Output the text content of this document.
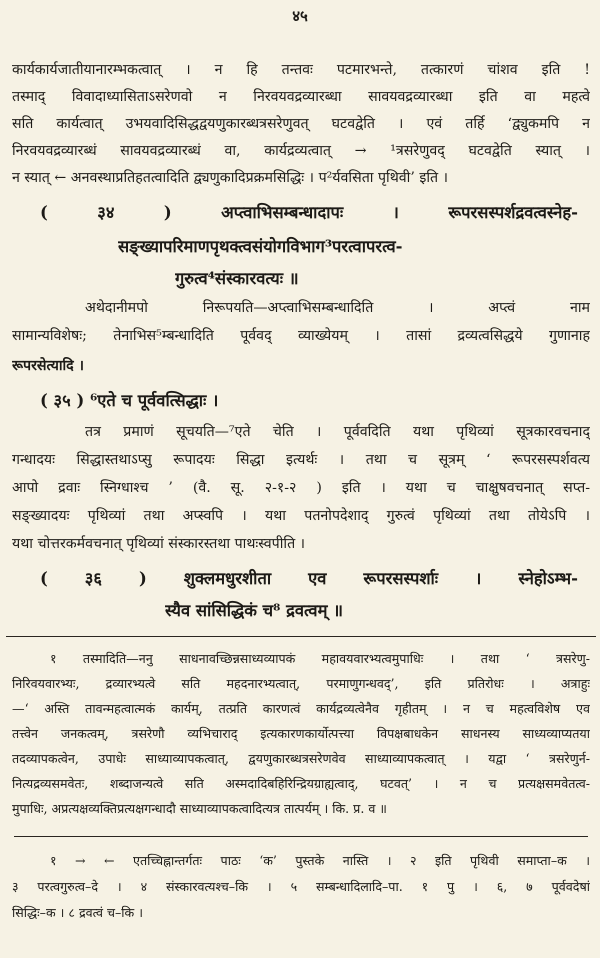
४५
कार्यकार्यजातीयानारम्भकत्वात् । न हि तन्तवः पटमारभन्ते, तत्कारणं चांशव इति !
तस्माद् विवादाध्यासिताऽसरेणवो न निरवयवद्रव्यारब्धा सावयवद्रव्यारब्धा इति वा महत्वे
सति कार्यत्वात् उभयवादिसिद्धद्वयणुकारब्धत्रसरेणुवत् घटवद्वेति । एवं तर्हि ‘द्व्युकमपि न
निरवयवद्रव्यारब्धं सावयवद्रव्यारब्धं वा, कार्यद्रव्यत्वात् → ¹त्रसरेणुवद् घटवद्वेति स्यात् ।
न स्यात् ← अनवस्थाप्रतिहतत्वादिति द्व्यणुकादिप्रक्रमसिद्धिः । प²र्यवसिता पृथिवी’ इति ।
( ३४ )	अप्त्वाभिसम्बन्धादापः । रूपरसस्पर्शद्रवत्वस्नेह-
सङ्ख्यापरिमाणपृथक्त्वसंयोगविभाग³परत्वापरत्व-
गुरुत्व⁴संस्कारवत्यः ॥
अथेदानीमपो निरूपयति—अप्त्वाभिसम्बन्धादिति । अप्त्वं नाम
सामान्यविशेषः; तेनाभिस⁵म्बन्धादिति पूर्ववद् व्याख्येयम् । तासां द्रव्यत्वसिद्धये गुणानाह
रूपरसेत्यादि ।
( ३५ ) ⁶एते च पूर्ववत्सिद्धाः ।
तत्र प्रमाणं सूचयति—⁷एते चेति । पूर्ववदिति यथा पृथिव्यां सूत्रकारवचनाद्
गन्धादयः सिद्धास्तथाऽप्सु रूपादयः सिद्धा इत्यर्थः । तथा च सूत्रम् ‘ रूपरसस्पर्शवत्य
आपो द्रवाः स्निग्धाश्च ’ (वै. सू. २-१-२ ) इति । यथा च चाक्षुषवचनात् सप्त-
सङ्ख्यादयः पृथिव्यां तथा अप्स्वपि । यथा पतनोपदेशाद् गुरुत्वं पृथिव्यां तथा तोयेऽपि ।
यथा चोत्तरकर्मवचनात् पृथिव्यां संस्कारस्तथा पाथःस्वपीति ।
( ३६ ) शुक्लमधुरशीता एव रूपरसस्पर्शाः । स्नेहोऽम्भ-
स्यैव सांसिद्धिकं च⁸ द्रवत्वम् ॥
१ तस्मादिति—ननु साधनावच्छिन्नसाध्यव्यापकं महावयवारभ्यत्वमुपाधिः । तथा ‘ त्रसरेणु-
निरिवयवारभ्यः, द्रव्यारभ्यत्वे सति महदनारभ्यत्वात्, परमाणुगन्धवद्’, इति प्रतिरोधः । अत्राहुः
—‘ अस्ति तावन्महत्वात्मकं कार्यम्, तत्प्रति कारणत्वं कार्यद्रव्यत्वेनैव गृहीतम् । न च महत्वविशेष एव
तत्त्वेन जनकत्वम्, त्रसरेणौ व्यभिचाराद् इत्यकारणकार्योत्पत्त्या विपक्षबाधकेन साधनस्य साध्यव्याप्यतया
तदव्यापकत्वेन, उपाधेः साध्याव्यापकत्वात्, द्वयणुकारब्धत्रसरेणवेव साध्याव्यापकत्वात् । यद्वा ‘ त्रसरेणुर्न-
नित्यद्रव्यसमवेतः, शब्दाजन्यत्वे सति अस्मदादिबहिरिन्द्रियग्राह्यत्वाद्, घटवत्’ । न च प्रत्यक्षसमवेतत्व-
मुपाधिः, अप्रत्यक्षव्यक्तिप्रत्यक्षगन्धादौ साध्याव्यापकत्वादित्यत्र तात्पर्यम् । कि. प्र. व ॥
१ → ← एतच्चिह्नान्तर्गतः पाठः ‘क’ पुस्तके नास्ति । २ इति पृथिवी समाप्ता–क ।
३ परत्वगुरुत्व–दे । ४ संस्कारवत्यश्च–कि । ५ सम्बन्धादिलादि–पा. १ पु । ६, ७ पूर्ववदेषां
सिद्धिः–क । ८ द्रवत्वं च–कि ।
